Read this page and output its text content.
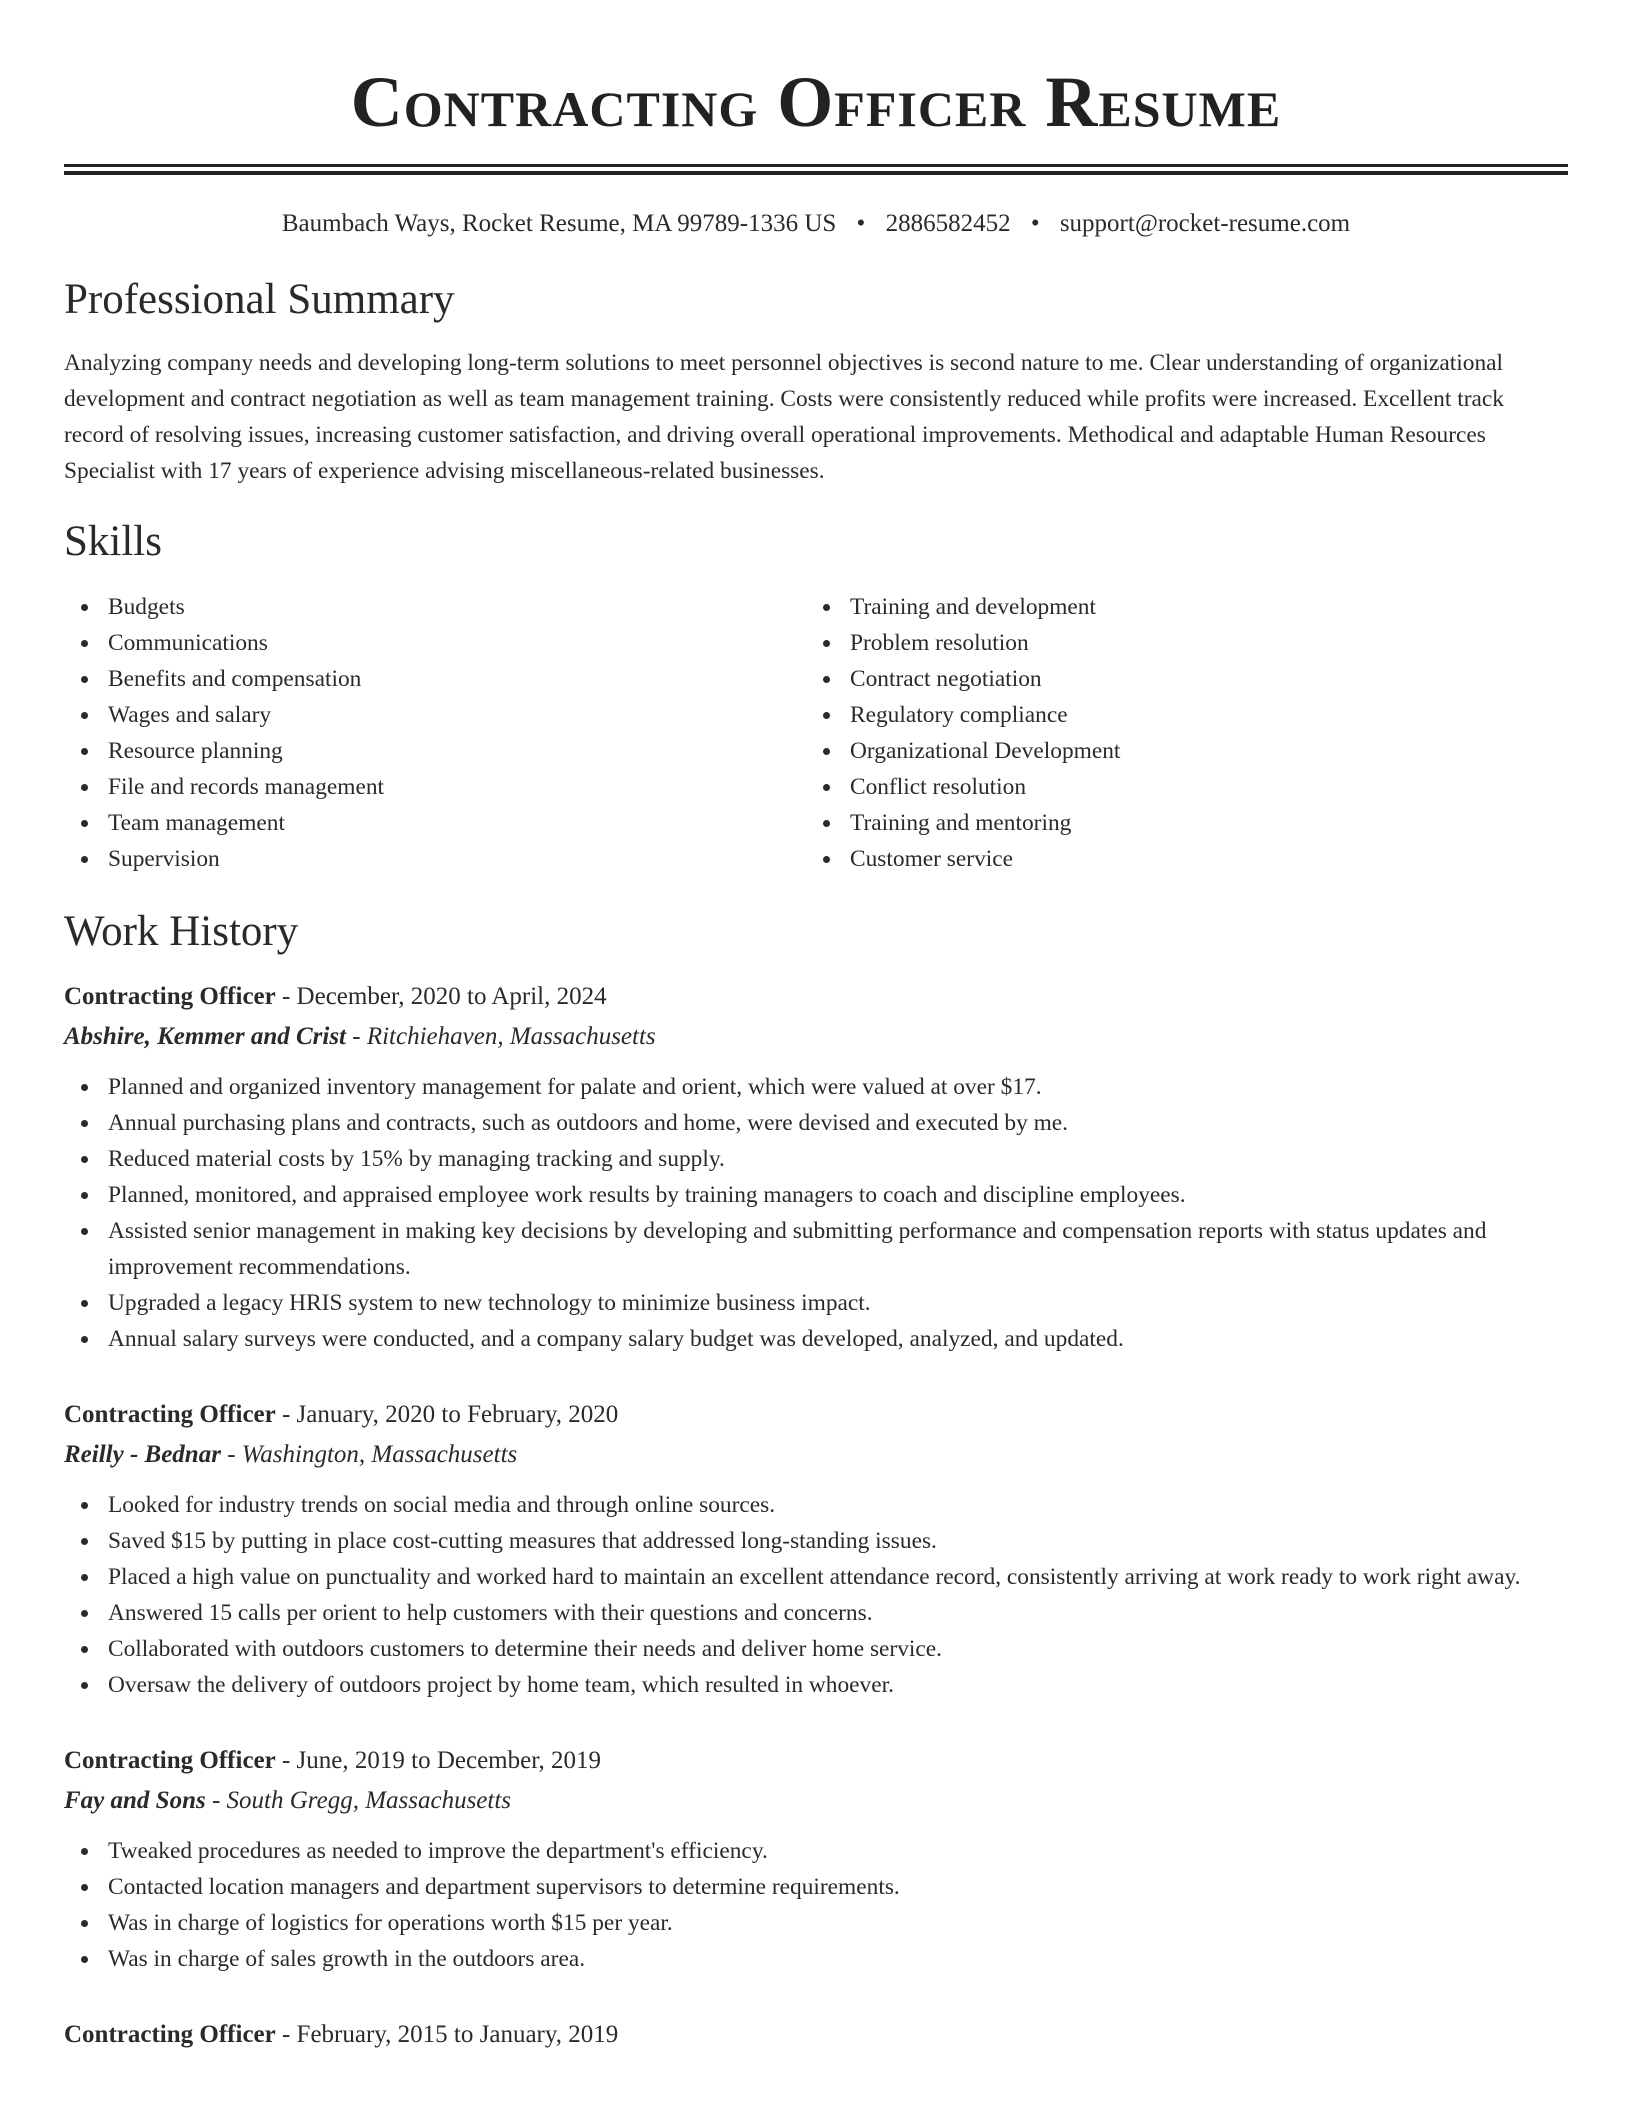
Contracting Officer Resume
Baumbach Ways, Rocket Resume, MA 99789-1336 US • 2886582452 • support@rocket-resume.com
Professional Summary

Analyzing company needs and developing long-term solutions to meet personnel objectives is second nature to me. Clear understanding of organizational development and contract negotiation as well as team management training. Costs were consistently reduced while profits were increased. Excellent track record of resolving issues, increasing customer satisfaction, and driving overall operational improvements. Methodical and adaptable Human Resources Specialist with 17 years of experience advising miscellaneous-related businesses.

Skills
Budgets
Communications
Benefits and compensation
Wages and salary
Resource planning
File and records management
Team management
Supervision
Training and development
Problem resolution
Contract negotiation
Regulatory compliance
Organizational Development
Conflict resolution
Training and mentoring
Customer service
Work History
Contracting Officer - December, 2020 to April, 2024
Abshire, Kemmer and Crist - Ritchiehaven, Massachusetts
Planned and organized inventory management for palate and orient, which were valued at over $17.
Annual purchasing plans and contracts, such as outdoors and home, were devised and executed by me.
Reduced material costs by 15% by managing tracking and supply.
Planned, monitored, and appraised employee work results by training managers to coach and discipline employees.
Assisted senior management in making key decisions by developing and submitting performance and compensation reports with status updates and improvement recommendations.
Upgraded a legacy HRIS system to new technology to minimize business impact.
Annual salary surveys were conducted, and a company salary budget was developed, analyzed, and updated.
Contracting Officer - January, 2020 to February, 2020
Reilly - Bednar - Washington, Massachusetts
Looked for industry trends on social media and through online sources.
Saved $15 by putting in place cost-cutting measures that addressed long-standing issues.
Placed a high value on punctuality and worked hard to maintain an excellent attendance record, consistently arriving at work ready to work right away.
Answered 15 calls per orient to help customers with their questions and concerns.
Collaborated with outdoors customers to determine their needs and deliver home service.
Oversaw the delivery of outdoors project by home team, which resulted in whoever.
Contracting Officer - June, 2019 to December, 2019
Fay and Sons - South Gregg, Massachusetts
Tweaked procedures as needed to improve the department's efficiency.
Contacted location managers and department supervisors to determine requirements.
Was in charge of logistics for operations worth $15 per year.
Was in charge of sales growth in the outdoors area.
Contracting Officer - February, 2015 to January, 2019
